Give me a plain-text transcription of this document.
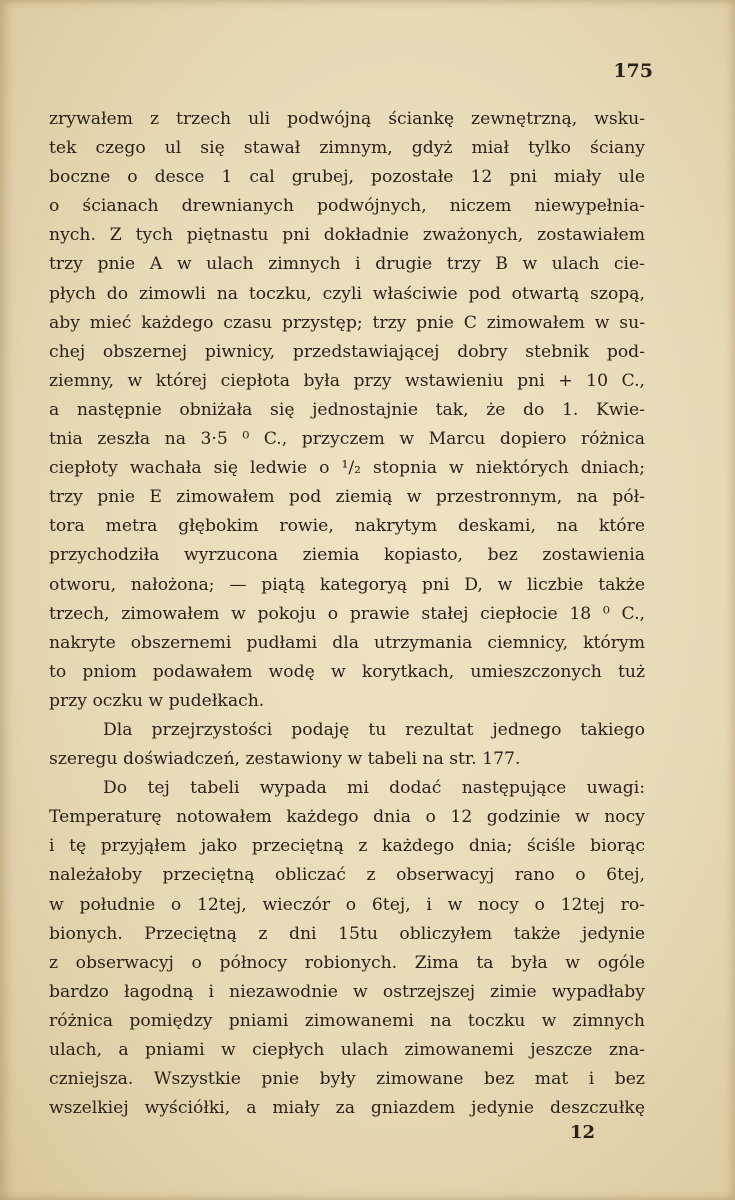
175
zrywałem z trzech uli podwójną ściankę zewnętrzną, wsku-
tek czego ul się stawał zimnym, gdyż miał tylko ściany
boczne o desce 1 cal grubej, pozostałe 12 pni miały ule
o ścianach drewnianych podwójnych, niczem niewypełnia-
nych. Z tych piętnastu pni dokładnie zważonych, zostawiałem
trzy pnie A w ulach zimnych i drugie trzy B w ulach cie-
płych do zimowli na toczku, czyli właściwie pod otwartą szopą,
aby mieć każdego czasu przystęp; trzy pnie C zimowałem w su-
chej obszernej piwnicy, przedstawiającej dobry stebnik pod-
ziemny, w której ciepłota była przy wstawieniu pni + 10 C.,
a następnie obniżała się jednostajnie tak, że do 1. Kwie-
tnia zeszła na 3·5 ⁰ C., przyczem w Marcu dopiero różnica
ciepłoty wachała się ledwie o ¹/₂ stopnia w niektórych dniach;
trzy pnie E zimowałem pod ziemią w przestronnym, na pół-
tora metra głębokim rowie, nakrytym deskami, na które
przychodziła wyrzucona ziemia kopiasto, bez zostawienia
otworu, nałożona; — piątą kategoryą pni D, w liczbie także
trzech, zimowałem w pokoju o prawie stałej ciepłocie 18 ⁰ C.,
nakryte obszernemi pudłami dla utrzymania ciemnicy, którym
to pniom podawałem wodę w korytkach, umieszczonych tuż
przy oczku w pudełkach.
Dla przejrzystości podaję tu rezultat jednego takiego
szeregu doświadczeń, zestawiony w tabeli na str. 177.
Do tej tabeli wypada mi dodać następujące uwagi:
Temperaturę notowałem każdego dnia o 12 godzinie w nocy
i tę przyjąłem jako przeciętną z każdego dnia; ściśle biorąc
należałoby przeciętną obliczać z obserwacyj rano o 6tej,
w południe o 12tej, wieczór o 6tej, i w nocy o 12tej ro-
bionych. Przeciętną z dni 15tu obliczyłem także jedynie
z obserwacyj o północy robionych. Zima ta była w ogóle
bardzo łagodną i niezawodnie w ostrzejszej zimie wypadłaby
różnica pomiędzy pniami zimowanemi na toczku w zimnych
ulach, a pniami w ciepłych ulach zimowanemi jeszcze zna-
czniejsza. Wszystkie pnie były zimowane bez mat i bez
wszelkiej wyściółki, a miały za gniazdem jedynie deszczułkę
12
